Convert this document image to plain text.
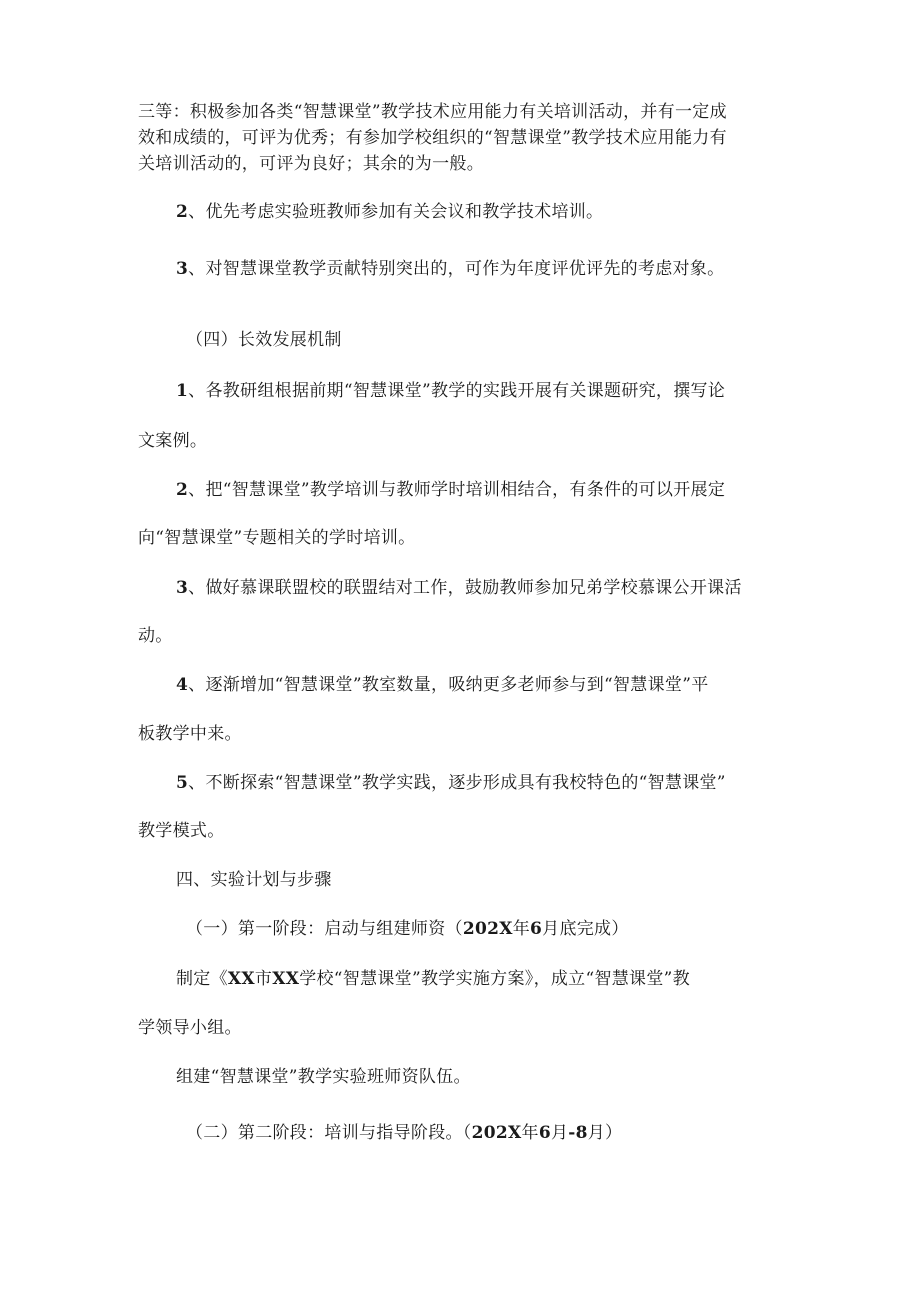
三等：积极参加各类“智慧课堂”教学技术应用能力有关培训活动，并有一定成
效和成绩的，可评为优秀；有参加学校组织的“智慧课堂”教学技术应用能力有
关培训活动的，可评为良好；其余的为一般。
2、优先考虑实验班教师参加有关会议和教学技术培训。
3、对智慧课堂教学贡献特别突出的，可作为年度评优评先的考虑对象。
（四）长效发展机制
1、各教研组根据前期“智慧课堂”教学的实践开展有关课题研究，撰写论
文案例。
2、把“智慧课堂”教学培训与教师学时培训相结合，有条件的可以开展定
向“智慧课堂”专题相关的学时培训。
3、做好慕课联盟校的联盟结对工作，鼓励教师参加兄弟学校慕课公开课活
动。
4、逐渐增加“智慧课堂”教室数量，吸纳更多老师参与到“智慧课堂”平
板教学中来。
5、不断探索“智慧课堂”教学实践，逐步形成具有我校特色的“智慧课堂”
教学模式。
四、实验计划与步骤
（一）第一阶段：启动与组建师资（202X年6月底完成）
制定《XX市XX学校“智慧课堂”教学实施方案》，成立“智慧课堂”教
学领导小组。
组建“智慧课堂”教学实验班师资队伍。
（二）第二阶段：培训与指导阶段。（202X年6月-8月）
